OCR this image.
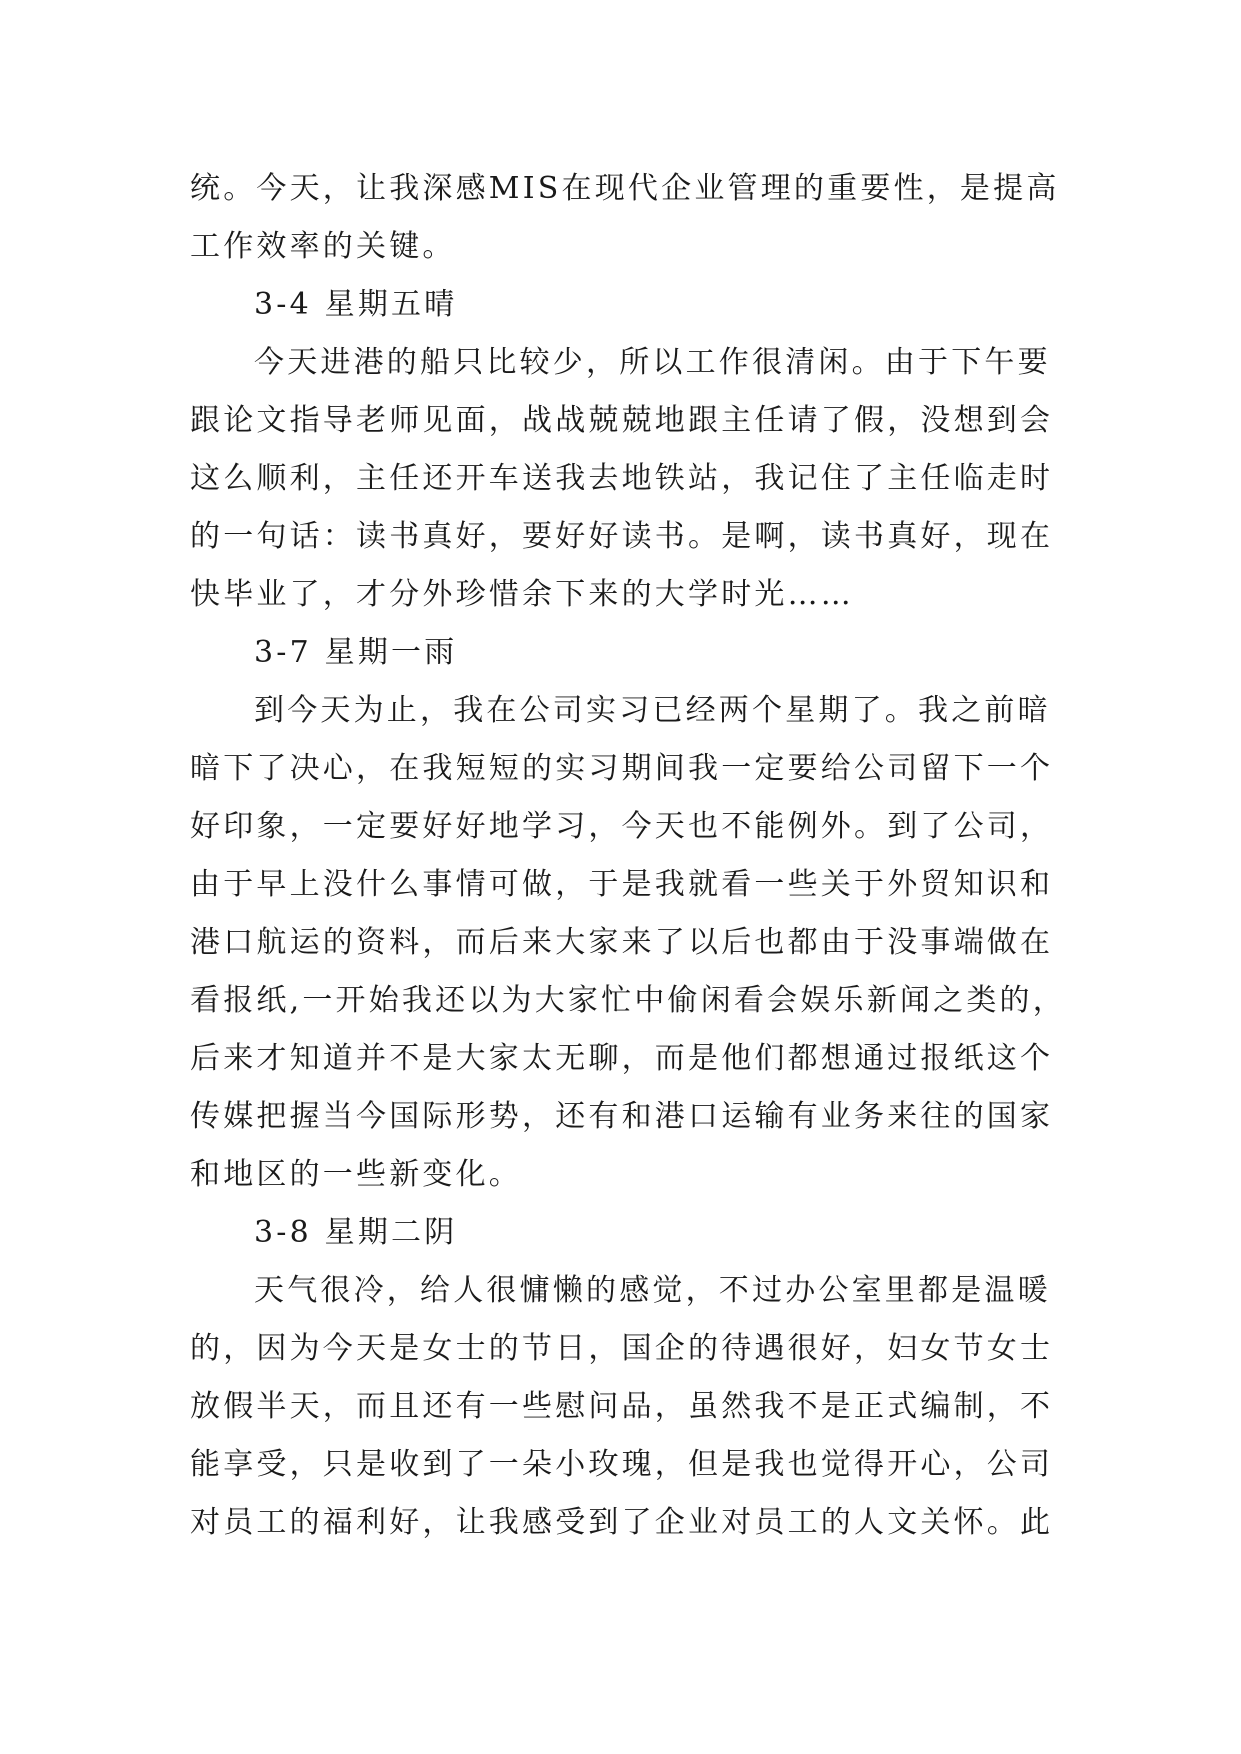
统。今天，让我深感MIS在现代企业管理的重要性，是提高
工作效率的关键。
3-4 星期五晴
今天进港的船只比较少，所以工作很清闲。由于下午要
跟论文指导老师见面，战战兢兢地跟主任请了假，没想到会
这么顺利，主任还开车送我去地铁站，我记住了主任临走时
的一句话：读书真好，要好好读书。是啊，读书真好，现在
快毕业了，才分外珍惜余下来的大学时光……
3-7 星期一雨
到今天为止，我在公司实习已经两个星期了。我之前暗
暗下了决心，在我短短的实习期间我一定要给公司留下一个
好印象，一定要好好地学习，今天也不能例外。到了公司，
由于早上没什么事情可做，于是我就看一些关于外贸知识和
港口航运的资料，而后来大家来了以后也都由于没事端做在
看报纸,一开始我还以为大家忙中偷闲看会娱乐新闻之类的，
后来才知道并不是大家太无聊，而是他们都想通过报纸这个
传媒把握当今国际形势，还有和港口运输有业务来往的国家
和地区的一些新变化。
3-8 星期二阴
天气很冷，给人很慵懒的感觉，不过办公室里都是温暖
的，因为今天是女士的节日，国企的待遇很好，妇女节女士
放假半天，而且还有一些慰问品，虽然我不是正式编制，不
能享受，只是收到了一朵小玫瑰，但是我也觉得开心，公司
对员工的福利好，让我感受到了企业对员工的人文关怀。此
